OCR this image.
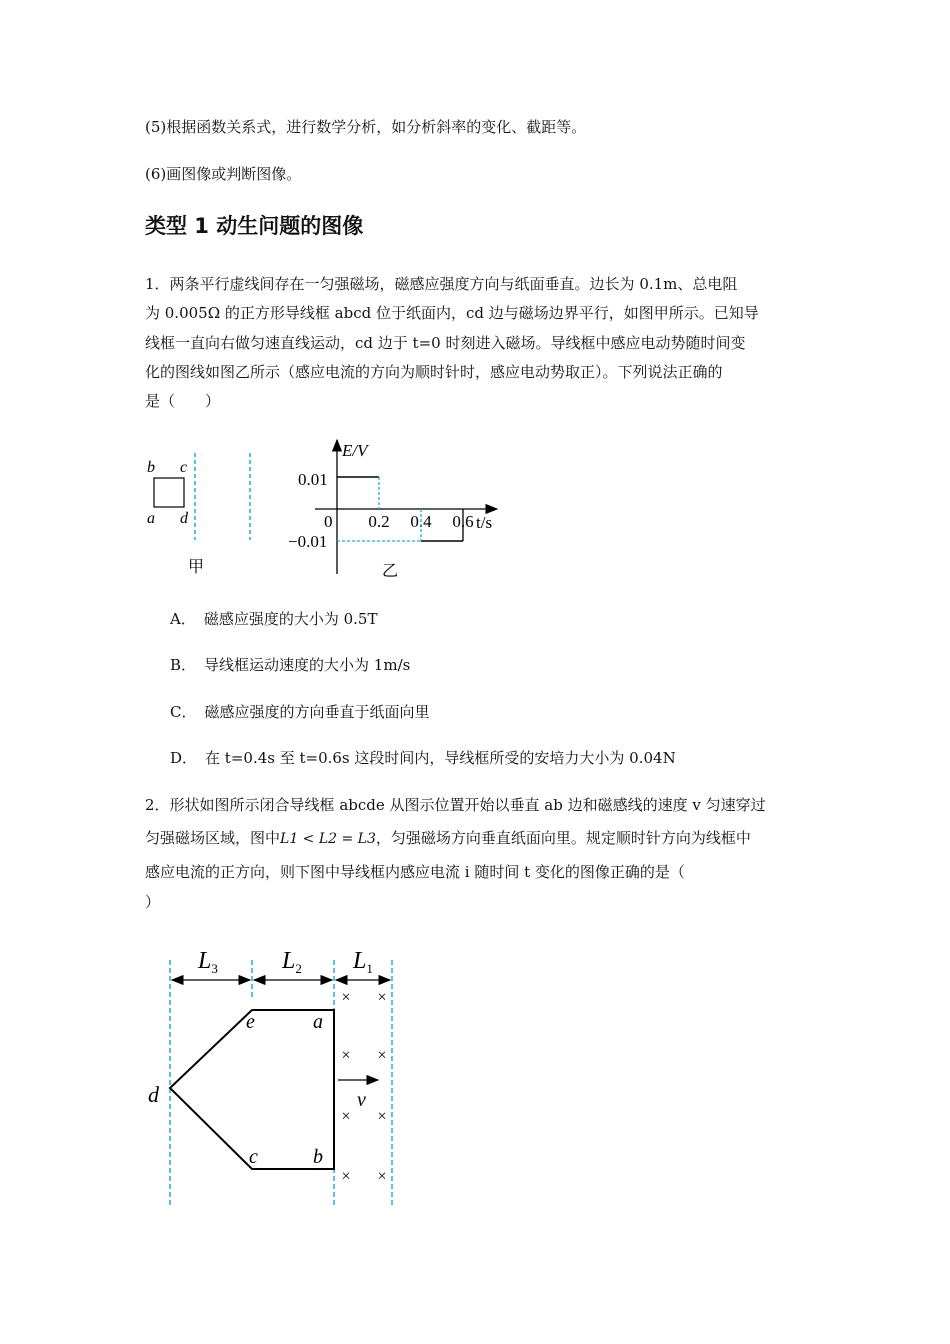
(5)根据函数关系式，进行数学分析，如分析斜率的变化、截距等。
(6)画图像或判断图像。
类型 1 动生问题的图像
1．两条平行虚线间存在一匀强磁场，磁感应强度方向与纸面垂直。边长为 0.1m、总电阻
为 0.005Ω 的正方形导线框 abcd 位于纸面内，cd 边与磁场边界平行，如图甲所示。已知导
线框一直向右做匀速直线运动，cd 边于 t=0 时刻进入磁场。导线框中感应电动势随时间变
化的图线如图乙所示（感应电流的方向为顺时针时，感应电动势取正）。下列说法正确的
是（　　）
b c
a d
甲
E/V
t/s
0.01
−0.01
0 0.2 0.4 0.6
乙
A． 磁感应强度的大小为 0.5T
B． 导线框运动速度的大小为 1m/s
C． 磁感应强度的方向垂直于纸面向里
D． 在 t=0.4s 至 t=0.6s 这段时间内，导线框所受的安培力大小为 0.04N
2．形状如图所示闭合导线框 abcde 从图示位置开始以垂直 ab 边和磁感线的速度 v 匀速穿过
匀强磁场区域，图中L1 < L2 = L3，匀强磁场方向垂直纸面向里。规定顺时针方向为线框中
感应电流的正方向，则下图中导线框内感应电流 i 随时间 t 变化的图像正确的是（
）
$L_3$	$L_2$ $L_1$
a
b
c
d
e
v
× ×
× ×
× ×
× ×
